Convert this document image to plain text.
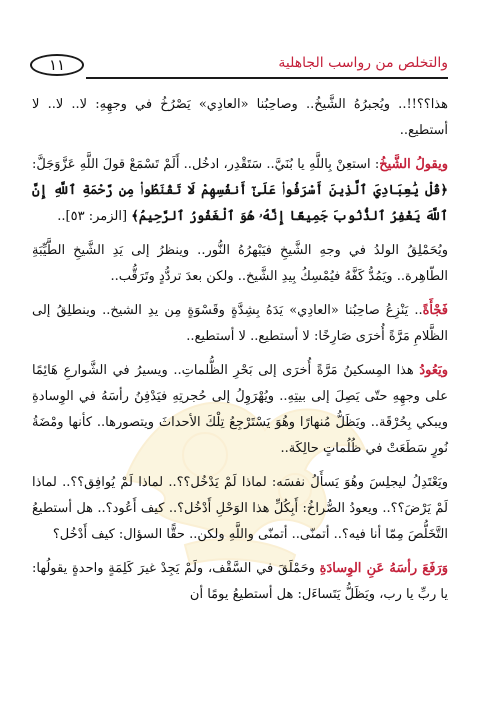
١١	والتخلص من رواسب الجاهلية

هذا؟؟!!.. ويُجبرُهُ الشَّيخُ.. وصاحِبُنا «العادِي» يَصْرُخُ في وجهِهِ: لا.. لا.. لا أستطيع..

ويقولُ الشَّيخُ: استعِنْ بِاللَّهِ يا بُنَيَّ.. سَتَقْدِر، ادخُل.. أَلَمْ تَسْمَعْ قولَ اللَّهِ عَزَّوَجَلَّ: ﴿قُلْ يَٰعِبَادِيَ ٱلَّذِينَ أَسْرَفُوا۟ عَلَىٰٓ أَنفُسِهِمْ لَا تَقْنَطُوا۟ مِن رَّحْمَةِ ٱللَّهِ إِنَّ ٱللَّهَ يَغْفِرُ ٱلذُّنُوبَ جَمِيعًا إِنَّهُۥ هُوَ ٱلْغَفُورُ ٱلرَّحِيمُ﴾ [الزمر: ٥٣]..

ويُحَمْلِقُ الولدُ في وجهِ الشَّيخِ فيَبْهرُهُ النُّور.. وينظرُ إلى يَدِ الشَّيخِ الطَّيِّبَةِ الطّاهِرة.. ويَمُدُّ كَفَّهُ فيُمْسِكُ بِيدِ الشَّيخ.. ولكن بعدَ تردُّدٍ وتَرَقُّب..

فَجْأَةً.. يَنْزِعُ صاحِبُنا «العادِي» يَدَهُ بِشِدَّةٍ وقَسْوَةٍ مِن يدِ الشيخ.. وينطلِقُ إلى الظَّلامِ مَرَّةً أُخرَى صَارِخًا: لا أستطيع.. لا أستطيع..

ويَعُودُ هذا المِسكينُ مَرَّةً أُخرَى إلى بَحْرِ الظُّلماتِ.. ويسيرُ في الشَّوارعِ هَائِمًا على وجهِهِ حتّى يَصِلَ إلى بيتِهِ.. ويُهْرَوِلُ إلى حُجرتِهِ فيَدْفِنُ رأسَهُ في الوِسادةِ ويبكي بِحُرْقَة.. ويَظَلُّ مُنهارًا وهُوَ يَسْتَرْجِعُ تِلْكَ الأحداثَ ويتصورها.. كأنها ومْضَةُ نُورٍ سَطَعَتْ في ظُلُماتٍ حالِكَة..

ويَعْتَدِلُ ليجلِسَ وهُوَ يَسأَلُ نفسَه: لماذا لَمْ يَدْخُل؟؟.. لماذا لَمْ يُوافِق؟؟.. لماذا لَمْ يَرْضَ؟؟.. ويعودُ الصُّراخُ: أَبِكُلِّ هذا الوَحْلِ أَدْخُل؟.. كيف أَعُود؟.. هل أستطيعُ التَّخَلُّصَ مِمّا أنا فيه؟.. أتمنّى.. أتمنّى واللَّهِ ولكن.. حقًّا السؤال: كيف أَدْخُل؟

وَرَفَعَ رأسَهُ عَنِ الوِسادَةِ وحَمْلَقَ في السَّقْف، ولَمْ يَجِدْ غيرَ كَلِمَةٍ واحدةٍ يقولُها: يا ربِّ يا رب، ويَظَلُّ يَتَساءَل: هل أستطيعُ يومًا أن
